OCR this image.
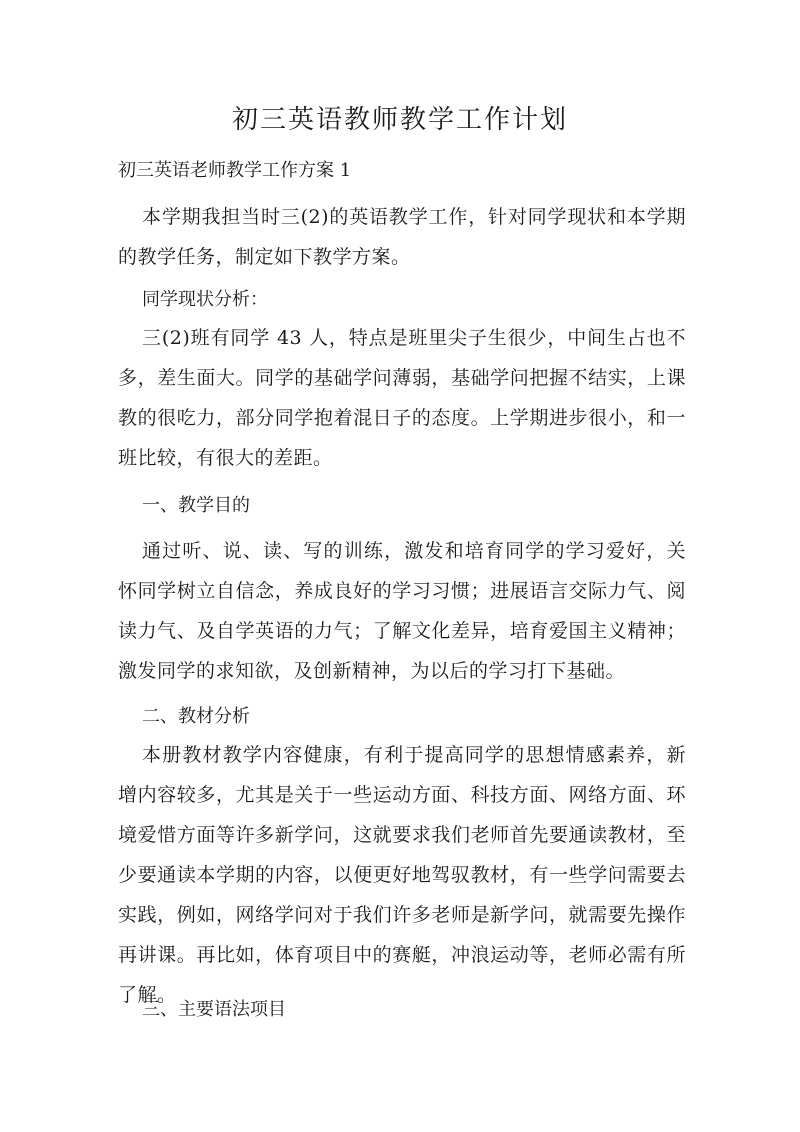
初三英语教师教学工作计划

初三英语老师教学工作方案 1

本学期我担当时三(2)的英语教学工作，针对同学现状和本学期的教学任务，制定如下教学方案。

同学现状分析：

三(2)班有同学 43 人，特点是班里尖子生很少，中间生占也不多，差生面大。同学的基础学问薄弱，基础学问把握不结实，上课教的很吃力，部分同学抱着混日子的态度。上学期进步很小，和一班比较，有很大的差距。

一、教学目的

通过听、说、读、写的训练，激发和培育同学的学习爱好，关怀同学树立自信念，养成良好的学习习惯；进展语言交际力气、阅读力气、及自学英语的力气；了解文化差异，培育爱国主义精神；激发同学的求知欲，及创新精神，为以后的学习打下基础。

二、教材分析

本册教材教学内容健康，有利于提高同学的思想情感素养，新增内容较多，尤其是关于一些运动方面、科技方面、网络方面、环境爱惜方面等许多新学问，这就要求我们老师首先要通读教材，至少要通读本学期的内容，以便更好地驾驭教材，有一些学问需要去实践，例如，网络学问对于我们许多老师是新学问，就需要先操作再讲课。再比如，体育项目中的赛艇，冲浪运动等，老师必需有所了解。

三、主要语法项目
